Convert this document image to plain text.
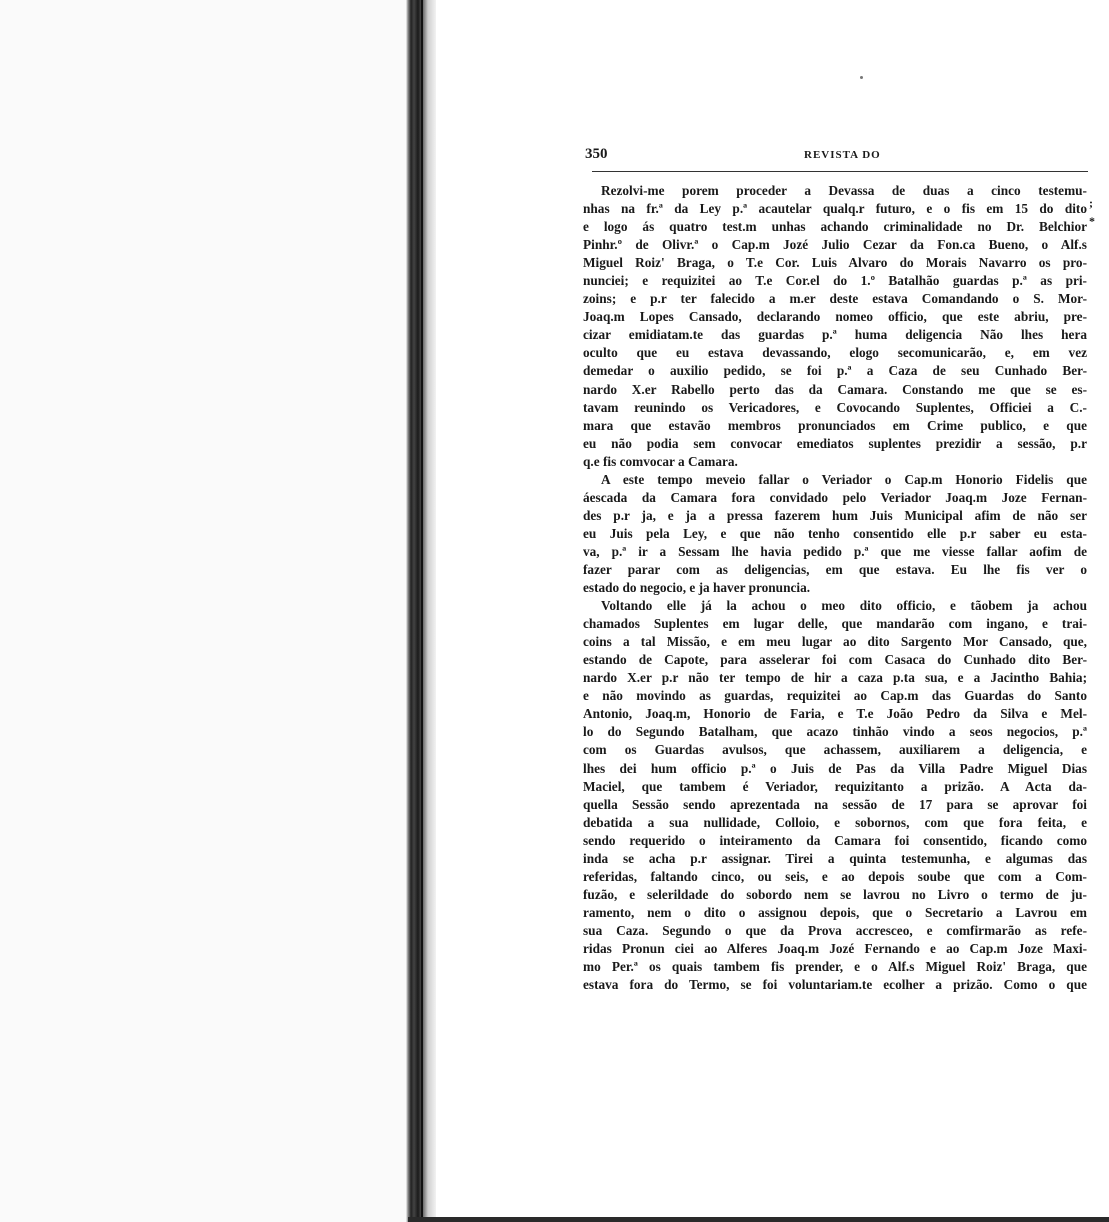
350	REVISTA DO
Rezolvi-me porem proceder a Devassa de duas a cinco testemu-
nhas na fr.ª da Ley p.ª acautelar qualq.r futuro, e o fis em 15 do dito
e logo ás quatro test.m unhas achando criminalidade no Dr. Belchior
Pinhr.º de Olivr.ª o Cap.m Jozé Julio Cezar da Fon.ca Bueno, o Alf.s
Miguel Roiz' Braga, o T.e Cor. Luis Alvaro do Morais Navarro os pro-
nunciei; e requizitei ao T.e Cor.el do 1.º Batalhão guardas p.ª as pri-
zoins; e p.r ter falecido a m.er deste estava Comandando o S. Mor-
Joaq.m Lopes Cansado, declarando nomeo officio, que este abriu, pre-
cizar emidiatam.te das guardas p.ª huma deligencia Não lhes hera
oculto que eu estava devassando, elogo secomunicarão, e, em vez
demedar o auxilio pedido, se foi p.ª a Caza de seu Cunhado Ber-
nardo X.er Rabello perto das da Camara. Constando me que se es-
tavam reunindo os Vericadores, e Covocando Suplentes, Officiei a C.-
mara que estavão membros pronunciados em Crime publico, e que
eu não podia sem convocar emediatos suplentes prezidir a sessão, p.r
q.e fis comvocar a Camara.
A este tempo meveio fallar o Veriador o Cap.m Honorio Fidelis que
áescada da Camara fora convidado pelo Veriador Joaq.m Joze Fernan-
des p.r ja, e ja a pressa fazerem hum Juis Municipal afim de não ser
eu Juis pela Ley, e que não tenho consentido elle p.r saber eu esta-
va, p.ª ir a Sessam lhe havia pedido p.ª que me viesse fallar aofim de
fazer parar com as deligencias, em que estava. Eu lhe fis ver o
estado do negocio, e ja haver pronuncia.
Voltando elle já la achou o meo dito officio, e tãobem ja achou
chamados Suplentes em lugar delle, que mandarão com ingano, e trai-
coins a tal Missão, e em meu lugar ao dito Sargento Mor Cansado, que,
estando de Capote, para asselerar foi com Casaca do Cunhado dito Ber-
nardo X.er p.r não ter tempo de hir a caza p.ta sua, e a Jacintho Bahia;
e não movindo as guardas, requizitei ao Cap.m das Guardas do Santo
Antonio, Joaq.m, Honorio de Faria, e T.e João Pedro da Silva e Mel-
lo do Segundo Batalham, que acazo tinhão vindo a seos negocios, p.ª
com os Guardas avulsos, que achassem, auxiliarem a deligencia, e
lhes dei hum officio p.ª o Juis de Pas da Villa Padre Miguel Dias
Maciel, que tambem é Veriador, requizitanto a prizão. A Acta da-
quella Sessão sendo aprezentada na sessão de 17 para se aprovar foi
debatida a sua nullidade, Colloio, e sobornos, com que fora feita, e
sendo requerido o inteiramento da Camara foi consentido, ficando como
inda se acha p.r assignar. Tirei a quinta testemunha, e algumas das
referidas, faltando cinco, ou seis, e ao depois soube que com a Com-
fuzão, e selerildade do sobordo nem se lavrou no Livro o termo de ju-
ramento, nem o dito o assignou depois, que o Secretario a Lavrou em
sua Caza. Segundo o que da Prova accresceo, e comfirmarão as refe-
ridas Pronun ciei ao Alferes Joaq.m Jozé Fernando e ao Cap.m Joze Maxi-
mo Per.ª os quais tambem fis prender, e o Alf.s Miguel Roiz' Braga, que
estava fora do Termo, se foi voluntariam.te ecolher a prizão. Como o que
;
*
